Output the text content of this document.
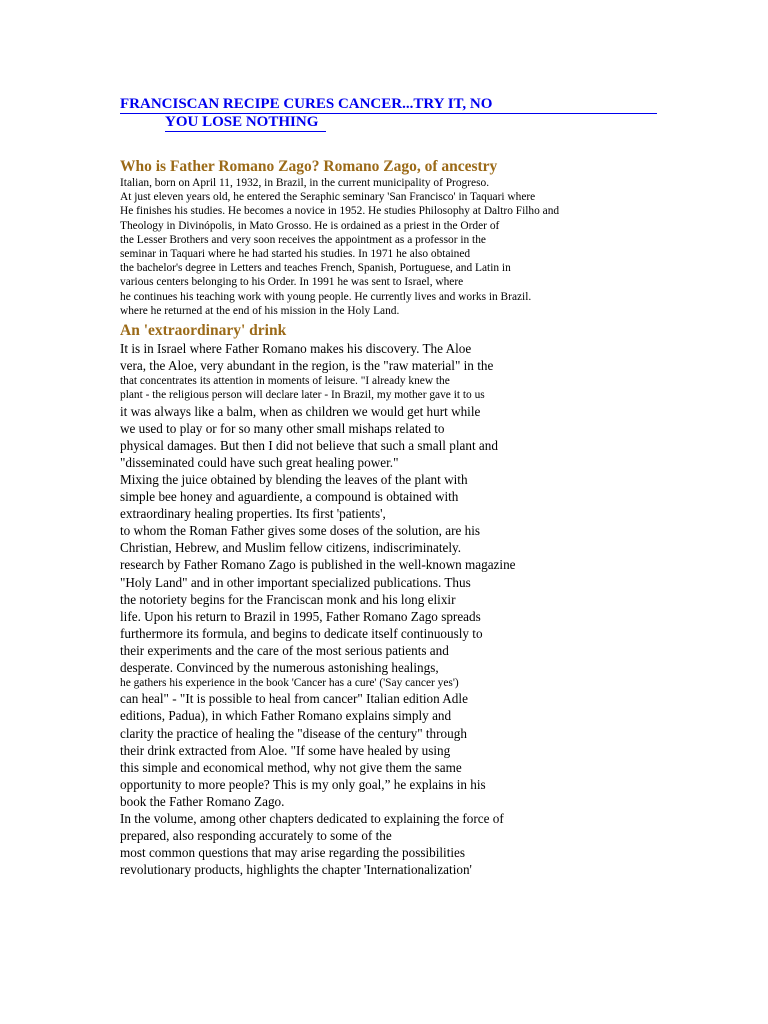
FRANCISCAN RECIPE CURES CANCER...TRY IT, NO
YOU LOSE NOTHING
Who is Father Romano Zago? Romano Zago, of ancestry
Italian, born on April 11, 1932, in Brazil, in the current municipality of Progreso.
At just eleven years old, he entered the Seraphic seminary 'San Francisco' in Taquari where
He finishes his studies. He becomes a novice in 1952. He studies Philosophy at Daltro Filho and
Theology in Divinópolis, in Mato Grosso. He is ordained as a priest in the Order of
the Lesser Brothers and very soon receives the appointment as a professor in the
seminar in Taquari where he had started his studies. In 1971 he also obtained
the bachelor's degree in Letters and teaches French, Spanish, Portuguese, and Latin in
various centers belonging to his Order. In 1991 he was sent to Israel, where
he continues his teaching work with young people. He currently lives and works in Brazil.
where he returned at the end of his mission in the Holy Land.
An 'extraordinary' drink
It is in Israel where Father Romano makes his discovery. The Aloe
vera, the Aloe, very abundant in the region, is the "raw material" in the
that concentrates its attention in moments of leisure. "I already knew the
plant - the religious person will declare later - In Brazil, my mother gave it to us
it was always like a balm, when as children we would get hurt while
we used to play or for so many other small mishaps related to
physical damages. But then I did not believe that such a small plant and
"disseminated could have such great healing power."
Mixing the juice obtained by blending the leaves of the plant with
simple bee honey and aguardiente, a compound is obtained with
extraordinary healing properties. Its first 'patients',
to whom the Roman Father gives some doses of the solution, are his
Christian, Hebrew, and Muslim fellow citizens, indiscriminately.
research by Father Romano Zago is published in the well-known magazine
"Holy Land" and in other important specialized publications. Thus
the notoriety begins for the Franciscan monk and his long elixir
life. Upon his return to Brazil in 1995, Father Romano Zago spreads
furthermore its formula, and begins to dedicate itself continuously to
their experiments and the care of the most serious patients and
desperate. Convinced by the numerous astonishing healings,
he gathers his experience in the book 'Cancer has a cure' ('Say cancer yes')
can heal" - "It is possible to heal from cancer" Italian edition Adle
editions, Padua), in which Father Romano explains simply and
clarity the practice of healing the "disease of the century" through
their drink extracted from Aloe. "If some have healed by using
this simple and economical method, why not give them the same
opportunity to more people? This is my only goal,” he explains in his
book the Father Romano Zago.
In the volume, among other chapters dedicated to explaining the force of
prepared, also responding accurately to some of the
most common questions that may arise regarding the possibilities
revolutionary products, highlights the chapter 'Internationalization'
